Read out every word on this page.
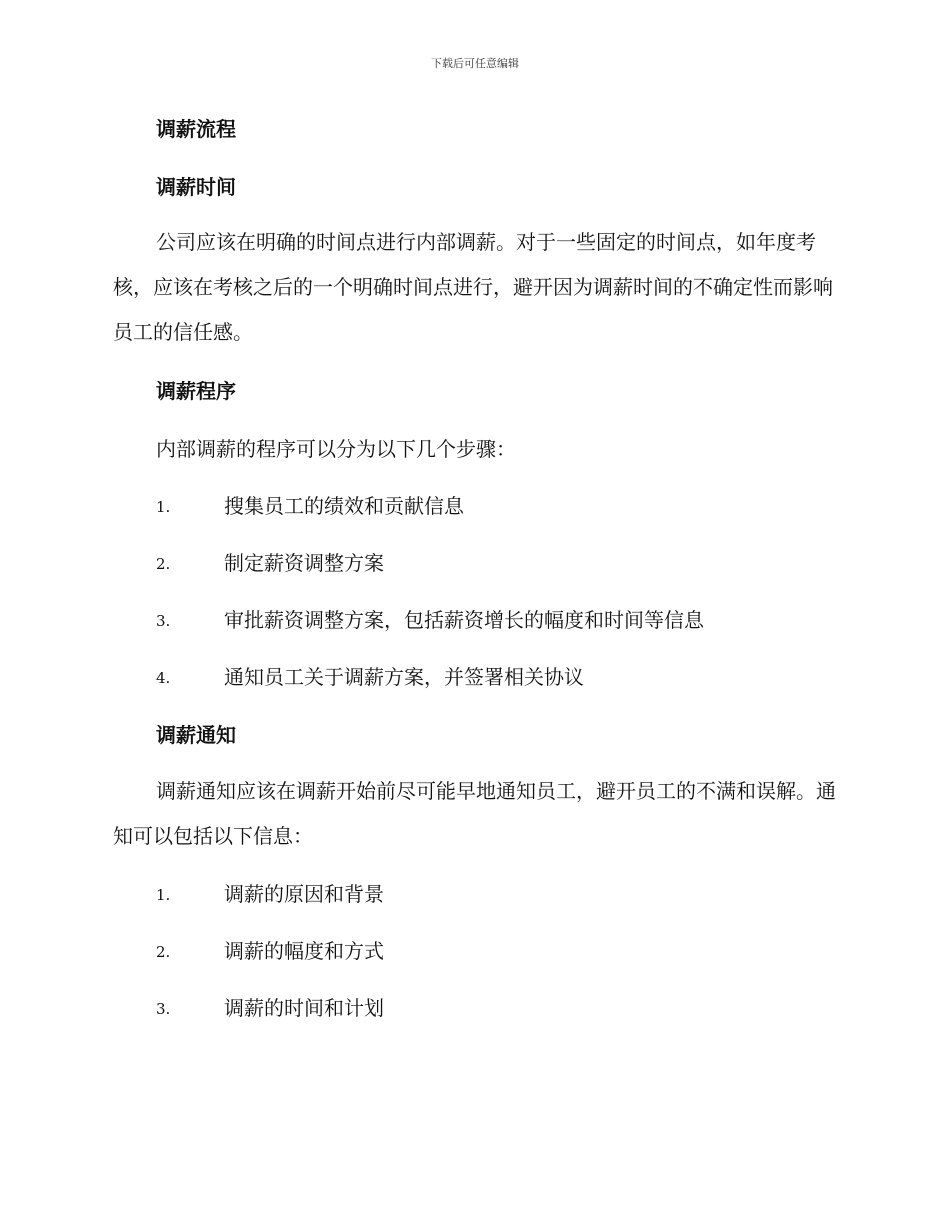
下载后可任意编辑
调薪流程
调薪时间

公司应该在明确的时间点进行内部调薪。对于一些固定的时间点，如年度考核，应该在考核之后的一个明确时间点进行，避开因为调薪时间的不确定性而影响员工的信任感。

调薪程序
内部调薪的程序可以分为以下几个步骤：
1.	搜集员工的绩效和贡献信息
2.	制定薪资调整方案
3.	审批薪资调整方案，包括薪资增长的幅度和时间等信息
4.	通知员工关于调薪方案，并签署相关协议
调薪通知

调薪通知应该在调薪开始前尽可能早地通知员工，避开员工的不满和误解。通知可以包括以下信息：

1.	调薪的原因和背景
2.	调薪的幅度和方式
3.	调薪的时间和计划
